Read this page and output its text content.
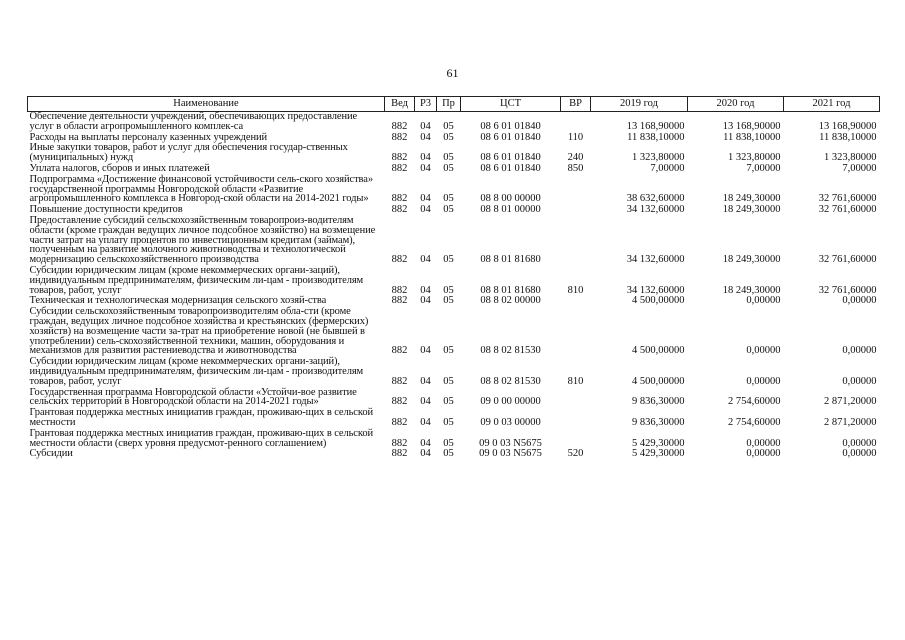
61
Наименование	Вед	Р3	Пр	ЦСТ	ВР	2019 год	2020 год	2021 год
Обеспечение деятельности учреждений, обеспечивающих предоставление услуг в области агропромышленного комплек-са	882	04	05	08 6 01 01840		13 168,90000	13 168,90000	13 168,90000
Расходы на выплаты персоналу казенных учреждений	882	04	05	08 6 01 01840	110	11 838,10000	11 838,10000	11 838,10000
Иные закупки товаров, работ и услуг для обеспечения государ-ственных (муниципальных) нужд	882	04	05	08 6 01 01840	240	1 323,80000	1 323,80000	1 323,80000
Уплата налогов, сборов и иных платежей	882	04	05	08 6 01 01840	850	7,00000	7,00000	7,00000
Подпрограмма «Достижение финансовой устойчивости сель-ского хозяйства» государственной программы Новгородской области «Развитие агропромышленного комплекса в Новгород-ской области на 2014-2021 годы»	882	04	05	08 8 00 00000		38 632,60000	18 249,30000	32 761,60000
Повышение доступности кредитов	882	04	05	08 8 01 00000		34 132,60000	18 249,30000	32 761,60000
Предоставление субсидий сельскохозяйственным товаропроиз-водителям области (кроме граждан ведущих личное подсобное хозяйство) на возмещение части затрат на уплату процентов по инвестиционным кредитам (займам), полученным на развитие молочного животноводства и технологической модернизацию сельскохозяйственного производства	882	04	05	08 8 01 81680		34 132,60000	18 249,30000	32 761,60000
Субсидии юридическим лицам (кроме некоммерческих органи-заций), индивидуальным предпринимателям, физическим ли-цам - производителям товаров, работ, услуг	882	04	05	08 8 01 81680	810	34 132,60000	18 249,30000	32 761,60000
Техническая и технологическая модернизация сельского хозяй-ства	882	04	05	08 8 02 00000		4 500,00000	0,00000	0,00000
Субсидии сельскохозяйственным товаропроизводителям обла-сти (кроме граждан, ведущих личное подсобное хозяйства и крестьянских (фермерских) хозяйств) на возмещение части за-трат на приобретение новой (не бывшей в употреблении) сель-скохозяйственной техники, машин, оборудования и механизмов для развития растениеводства и животноводства	882	04	05	08 8 02 81530		4 500,00000	0,00000	0,00000
Субсидии юридическим лицам (кроме некоммерческих органи-заций), индивидуальным предпринимателям, физическим ли-цам - производителям товаров, работ, услуг	882	04	05	08 8 02 81530	810	4 500,00000	0,00000	0,00000
Государственная программа Новгородской области «Устойчи-вое развитие сельских территорий в Новгородской области на 2014-2021 годы»	882	04	05	09 0 00 00000		9 836,30000	2 754,60000	2 871,20000
Грантовая поддержка местных инициатив граждан, проживаю-щих в сельской местности	882	04	05	09 0 03 00000		9 836,30000	2 754,60000	2 871,20000
Грантовая поддержка местных инициатив граждан, проживаю-щих в сельской местности области (сверх уровня предусмот-ренного соглашением)	882	04	05	09 0 03 N5675		5 429,30000	0,00000	0,00000
Субсидии	882	04	05	09 0 03 N5675	520	5 429,30000	0,00000	0,00000
